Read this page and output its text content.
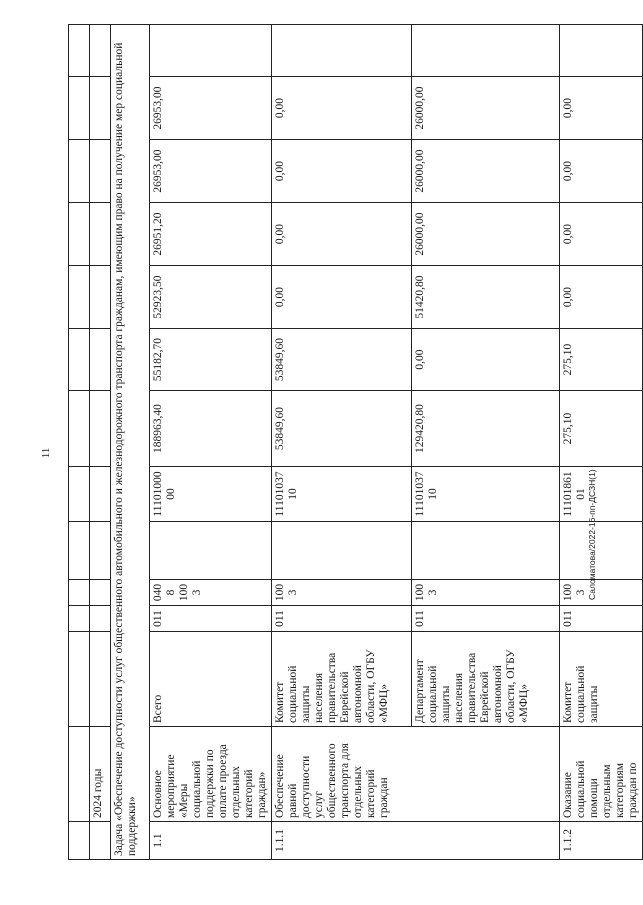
11
Саломатова/2022-16-пп-ДСЗН(1)

	2024 годы												
Задача «Обеспечение доступности услуг общественного автомобильного и железнодорожного транспорта гражданам, имеющим право на получение мер социальной поддержки»													
1.1	Основное мероприятие «Меры социальной поддержки по оплате проезда отдельных категорий граждан»	Всего	011	0408 1003		1110100000	188963,40	55182,70	52923,50	26951,20	26953,00	26953,00	
1.1.1	Обеспечение равной доступности услуг общественного транспорта для отдельных категорий граждан	Комитет социальной защиты населения правительства Еврейской автономной области, ОГБУ «МФЦ»	011	1003		1110103710	53849,60	53849,60	0,00	0,00	0,00	0,00	
		Департамент социальной защиты населения правительства Еврейской автономной области, ОГБУ «МФЦ»	011	1003		1110103710	129420,80	0,00	51420,80	26000,00	26000,00	26000,00	
1.1.2	Оказание социальной помощи отдельным категориям граждан по	Комитет социальной защиты	011	1003		1110186101	275,10	275,10	0,00	0,00	0,00	0,00	
